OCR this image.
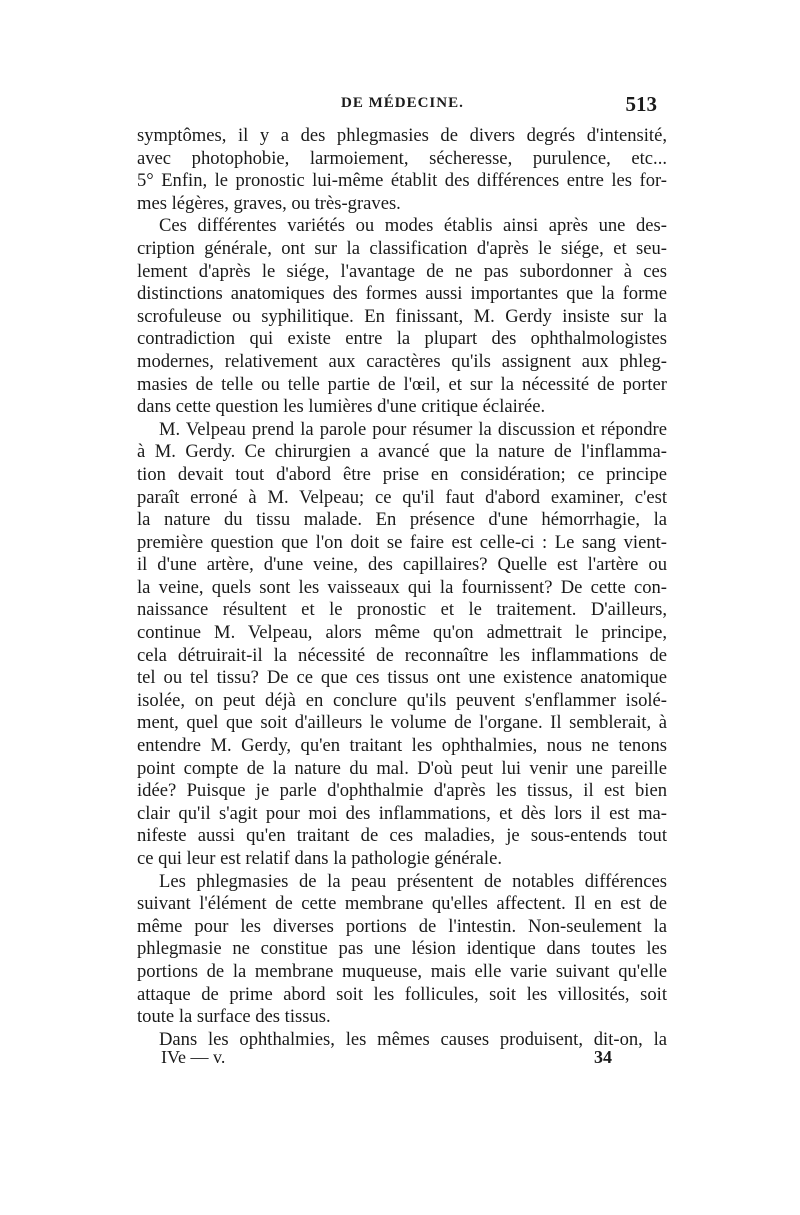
DE MÉDECINE.	513
symptômes, il y a des phlegmasies de divers degrés d'intensité,
avec photophobie, larmoiement, sécheresse, purulence, etc...
5° Enfin, le pronostic lui-même établit des différences entre les for-
mes légères, graves, ou très-graves.
Ces différentes variétés ou modes établis ainsi après une des-
cription générale, ont sur la classification d'après le siége, et seu-
lement d'après le siége, l'avantage de ne pas subordonner à ces
distinctions anatomiques des formes aussi importantes que la forme
scrofuleuse ou syphilitique. En finissant, M. Gerdy insiste sur la
contradiction qui existe entre la plupart des ophthalmologistes
modernes, relativement aux caractères qu'ils assignent aux phleg-
masies de telle ou telle partie de l'œil, et sur la nécessité de porter
dans cette question les lumières d'une critique éclairée.
M. Velpeau prend la parole pour résumer la discussion et répondre
à M. Gerdy. Ce chirurgien a avancé que la nature de l'inflamma-
tion devait tout d'abord être prise en considération; ce principe
paraît erroné à M. Velpeau; ce qu'il faut d'abord examiner, c'est
la nature du tissu malade. En présence d'une hémorrhagie, la
première question que l'on doit se faire est celle-ci : Le sang vient-
il d'une artère, d'une veine, des capillaires? Quelle est l'artère ou
la veine, quels sont les vaisseaux qui la fournissent? De cette con-
naissance résultent et le pronostic et le traitement. D'ailleurs,
continue M. Velpeau, alors même qu'on admettrait le principe,
cela détruirait-il la nécessité de reconnaître les inflammations de
tel ou tel tissu? De ce que ces tissus ont une existence anatomique
isolée, on peut déjà en conclure qu'ils peuvent s'enflammer isolé-
ment, quel que soit d'ailleurs le volume de l'organe. Il semblerait, à
entendre M. Gerdy, qu'en traitant les ophthalmies, nous ne tenons
point compte de la nature du mal. D'où peut lui venir une pareille
idée? Puisque je parle d'ophthalmie d'après les tissus, il est bien
clair qu'il s'agit pour moi des inflammations, et dès lors il est ma-
nifeste aussi qu'en traitant de ces maladies, je sous-entends tout
ce qui leur est relatif dans la pathologie générale.
Les phlegmasies de la peau présentent de notables différences
suivant l'élément de cette membrane qu'elles affectent. Il en est de
même pour les diverses portions de l'intestin. Non-seulement la
phlegmasie ne constitue pas une lésion identique dans toutes les
portions de la membrane muqueuse, mais elle varie suivant qu'elle
attaque de prime abord soit les follicules, soit les villosités, soit
toute la surface des tissus.
Dans les ophthalmies, les mêmes causes produisent, dit-on, la
IVe — v.	34
